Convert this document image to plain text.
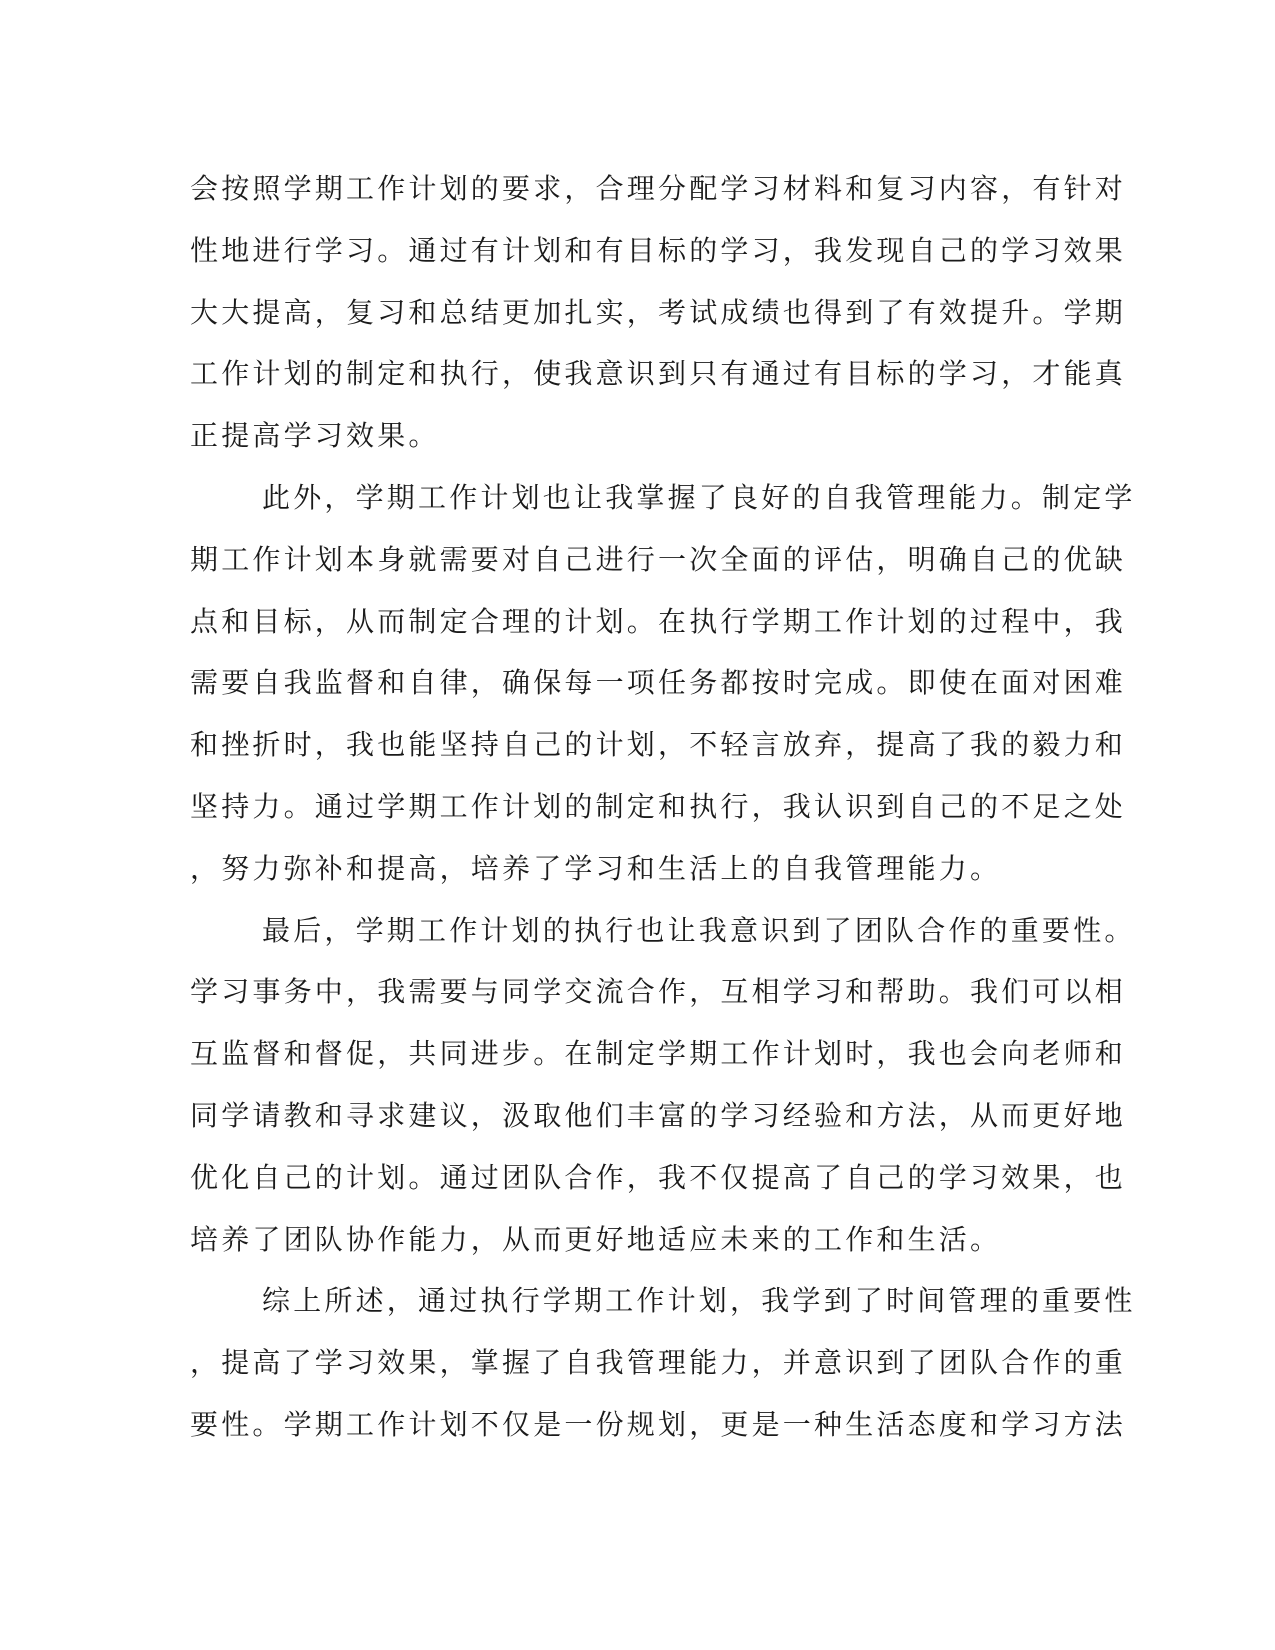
会按照学期工作计划的要求，合理分配学习材料和复习内容，有针对
性地进行学习。通过有计划和有目标的学习，我发现自己的学习效果
大大提高，复习和总结更加扎实，考试成绩也得到了有效提升。学期
工作计划的制定和执行，使我意识到只有通过有目标的学习，才能真
正提高学习效果。
此外，学期工作计划也让我掌握了良好的自我管理能力。制定学
期工作计划本身就需要对自己进行一次全面的评估，明确自己的优缺
点和目标，从而制定合理的计划。在执行学期工作计划的过程中，我
需要自我监督和自律，确保每一项任务都按时完成。即使在面对困难
和挫折时，我也能坚持自己的计划，不轻言放弃，提高了我的毅力和
坚持力。通过学期工作计划的制定和执行，我认识到自己的不足之处
，努力弥补和提高，培养了学习和生活上的自我管理能力。
最后，学期工作计划的执行也让我意识到了团队合作的重要性。
学习事务中，我需要与同学交流合作，互相学习和帮助。我们可以相
互监督和督促，共同进步。在制定学期工作计划时，我也会向老师和
同学请教和寻求建议，汲取他们丰富的学习经验和方法，从而更好地
优化自己的计划。通过团队合作，我不仅提高了自己的学习效果，也
培养了团队协作能力，从而更好地适应未来的工作和生活。
综上所述，通过执行学期工作计划，我学到了时间管理的重要性
，提高了学习效果，掌握了自我管理能力，并意识到了团队合作的重
要性。学期工作计划不仅是一份规划，更是一种生活态度和学习方法
